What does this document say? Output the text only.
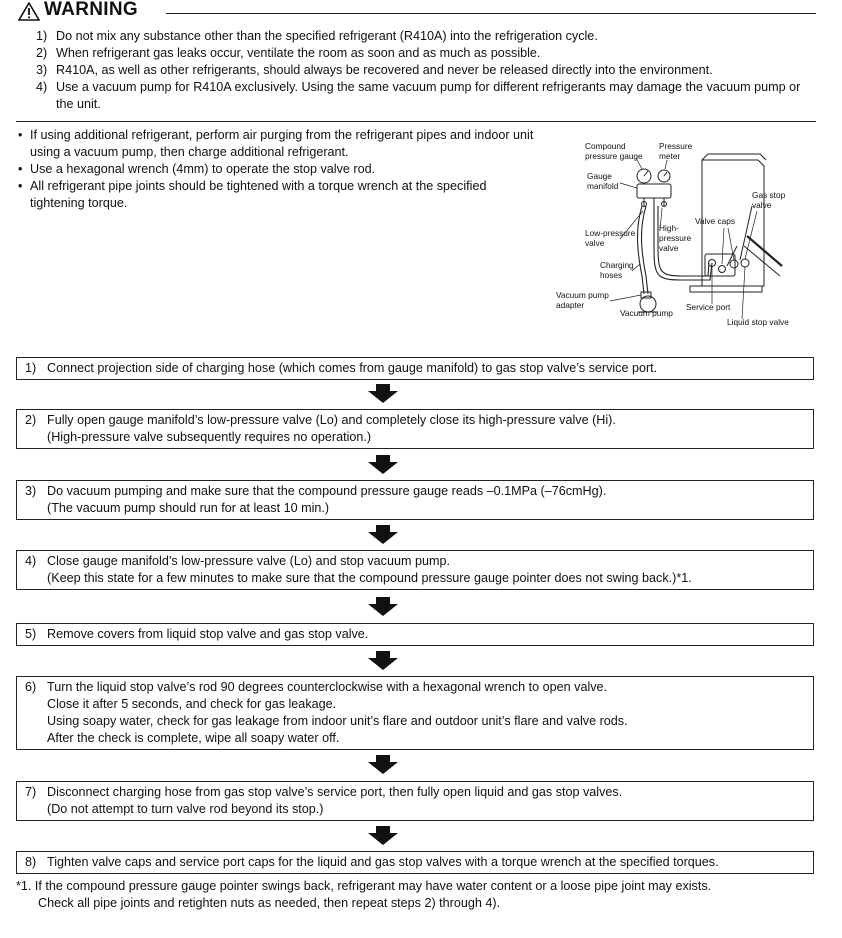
WARNING
1) Do not mix any substance other than the specified refrigerant (R410A) into the refrigeration cycle.
2) When refrigerant gas leaks occur, ventilate the room as soon and as much as possible.
3) R410A, as well as other refrigerants, should always be recovered and never be released directly into the environment.
4) Use a vacuum pump for R410A exclusively. Using the same vacuum pump for different refrigerants may damage the vacuum pump or the unit.
• If using additional refrigerant, perform air purging from the refrigerant pipes and indoor unit using a vacuum pump, then charge additional refrigerant.
• Use a hexagonal wrench (4mm) to operate the stop valve rod.
• All refrigerant pipe joints should be tightened with a torque wrench at the specified tightening torque.
Compound
pressure gauge
Pressure
meter
Gauge
manifold
Gas stop
valve
Valve caps
Low-pressure
valve
High-
pressure
valve
Charging
hoses
Vacuum pump
adapter	Service port
Vacuum pump
Liquid stop valve
1) Connect projection side of charging hose (which comes from gauge manifold) to gas stop valve’s service port.
2) Fully open gauge manifold’s low-pressure valve (Lo) and completely close its high-pressure valve (Hi).
(High-pressure valve subsequently requires no operation.)
3) Do vacuum pumping and make sure that the compound pressure gauge reads –0.1MPa (–76cmHg).
(The vacuum pump should run for at least 10 min.)
4) Close gauge manifold’s low-pressure valve (Lo) and stop vacuum pump.
(Keep this state for a few minutes to make sure that the compound pressure gauge pointer does not swing back.)*1.
5) Remove covers from liquid stop valve and gas stop valve.
6) Turn the liquid stop valve’s rod 90 degrees counterclockwise with a hexagonal wrench to open valve.
Close it after 5 seconds, and check for gas leakage.
Using soapy water, check for gas leakage from indoor unit’s flare and outdoor unit’s flare and valve rods.
After the check is complete, wipe all soapy water off.
7) Disconnect charging hose from gas stop valve’s service port, then fully open liquid and gas stop valves.
(Do not attempt to turn valve rod beyond its stop.)
8) Tighten valve caps and service port caps for the liquid and gas stop valves with a torque wrench at the specified torques.
*1. If the compound pressure gauge pointer swings back, refrigerant may have water content or a loose pipe joint may exists.
Check all pipe joints and retighten nuts as needed, then repeat steps 2) through 4).
